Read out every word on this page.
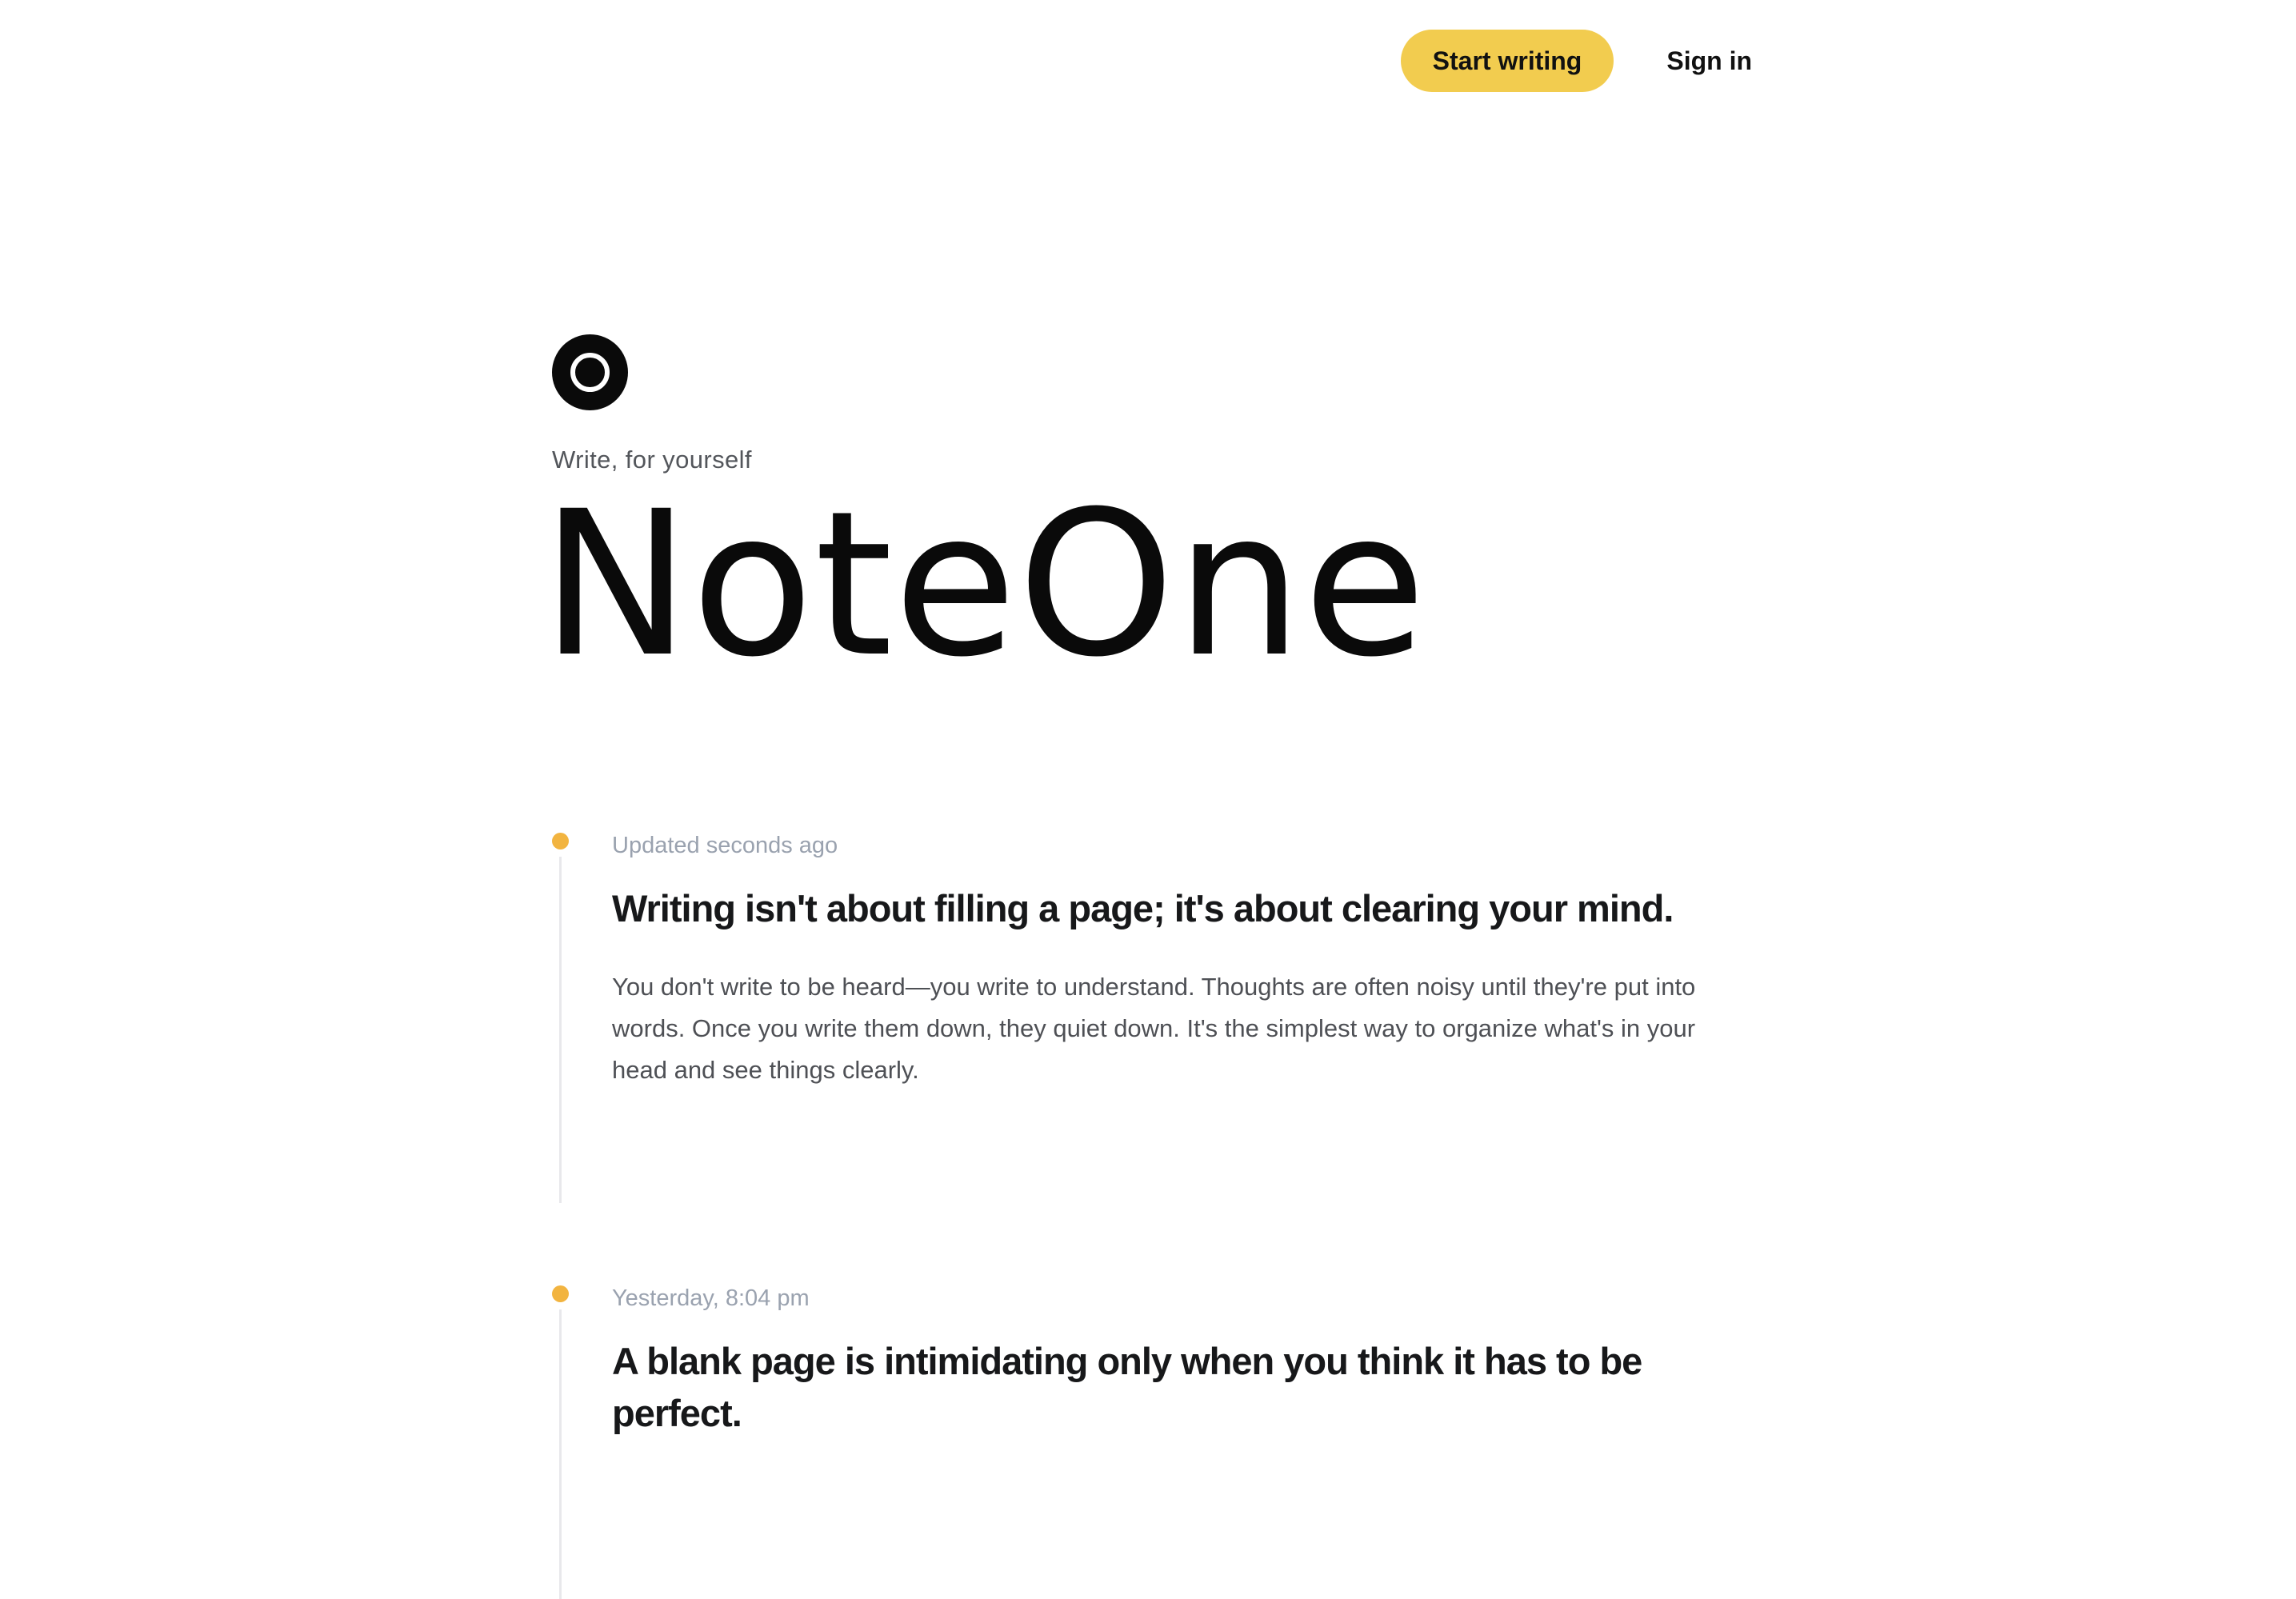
Start writing	Sign in
Write, for yourself
NoteOne
Updated seconds ago
Writing isn't about filling a page; it's about clearing your mind.

You don't write to be heard—you write to understand. Thoughts are often noisy until they're put into words. Once you write them down, they quiet down. It's the simplest way to organize what's in your head and see things clearly.

Yesterday, 8:04 pm
A blank page is intimidating only when you think it has to be perfect.
